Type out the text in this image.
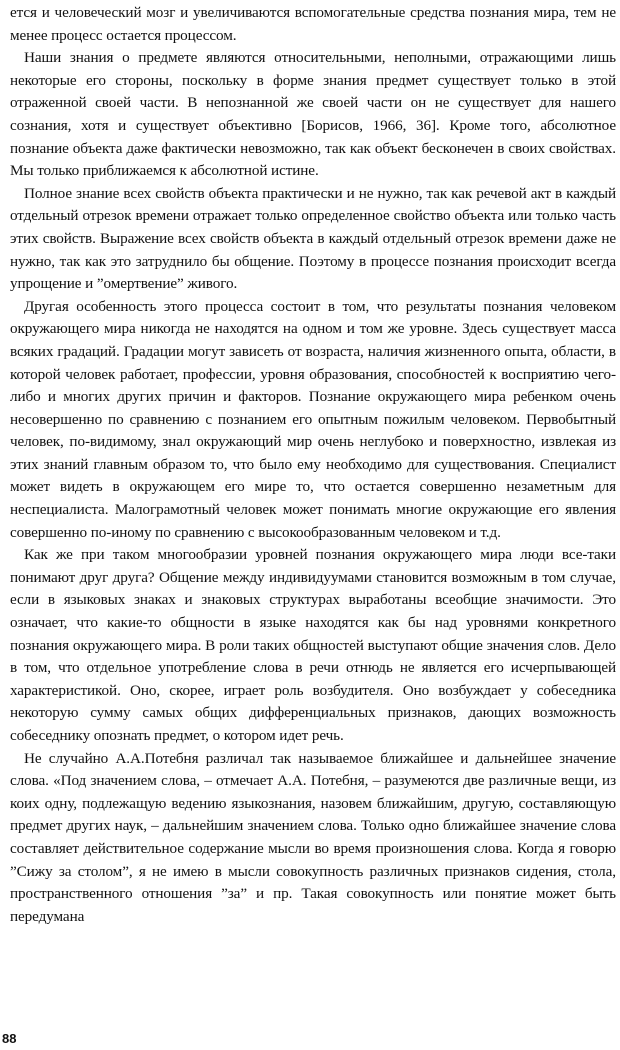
ется и человеческий мозг и увеличиваются вспомогательные средства познания мира, тем не менее процесс остается процессом.

Наши знания о предмете являются относительными, неполными, отражающими лишь некоторые его стороны, поскольку в форме знания предмет существует только в этой отраженной своей части. В непознанной же своей части он не существует для нашего сознания, хотя и существует объективно [Борисов, 1966, 36]. Кроме того, абсолютное познание объекта даже фактически невозможно, так как объект бесконечен в своих свойствах. Мы только приближаемся к абсолютной истине.

Полное знание всех свойств объекта практически и не нужно, так как речевой акт в каждый отдельный отрезок времени отражает только определенное свойство объекта или только часть этих свойств. Выражение всех свойств объекта в каждый отдельный отрезок времени даже не нужно, так как это затруднило бы общение. Поэтому в процессе познания происходит всегда упрощение и ”омертвение” живого.

Другая особенность этого процесса состоит в том, что результаты познания человеком окружающего мира никогда не находятся на одном и том же уровне. Здесь существует масса всяких градаций. Градации могут зависеть от возраста, наличия жизненного опыта, области, в которой человек работает, профессии, уровня образования, способностей к восприятию чего-либо и многих других причин и факторов. Познание окружающего мира ребенком очень несовершенно по сравнению с познанием его опытным пожилым человеком. Первобытный человек, по-видимому, знал окружающий мир очень неглубоко и поверхностно, извлекая из этих знаний главным образом то, что было ему необходимо для существования. Специалист может видеть в окружающем его мире то, что остается совершенно незаметным для неспециалиста. Малограмотный человек может понимать многие окружающие его явления совершенно по-иному по сравнению с высокообразованным человеком и т.д.

Как же при таком многообразии уровней познания окружающего мира люди все-таки понимают друг друга? Общение между индивидуумами становится возможным в том случае, если в языковых знаках и знаковых структурах выработаны всеобщие значимости. Это означает, что какие-то общности в языке находятся как бы над уровнями конкретного познания окружающего мира. В роли таких общностей выступают общие значения слов. Дело в том, что отдельное употребление слова в речи отнюдь не является его исчерпывающей характеристикой. Оно, скорее, играет роль возбудителя. Оно возбуждает у собеседника некоторую сумму самых общих дифференциальных признаков, дающих возможность собеседнику опознать предмет, о котором идет речь.

Не случайно А.А.Потебня различал так называемое ближайшее и дальнейшее значение слова. «Под значением слова, – отмечает А.А. Потебня, – разумеются две различные вещи, из коих одну, подлежащую ведению языкознания, назовем ближайшим, другую, составляющую предмет других наук, – дальнейшим значением слова. Только одно ближайшее значение слова составляет действительное содержание мысли во время произношения слова. Когда я говорю ”Сижу за столом”, я не имею в мысли совокупность различных признаков сидения, стола, пространственного отношения ”за” и пр. Такая совокупность или понятие может быть передумана

88
